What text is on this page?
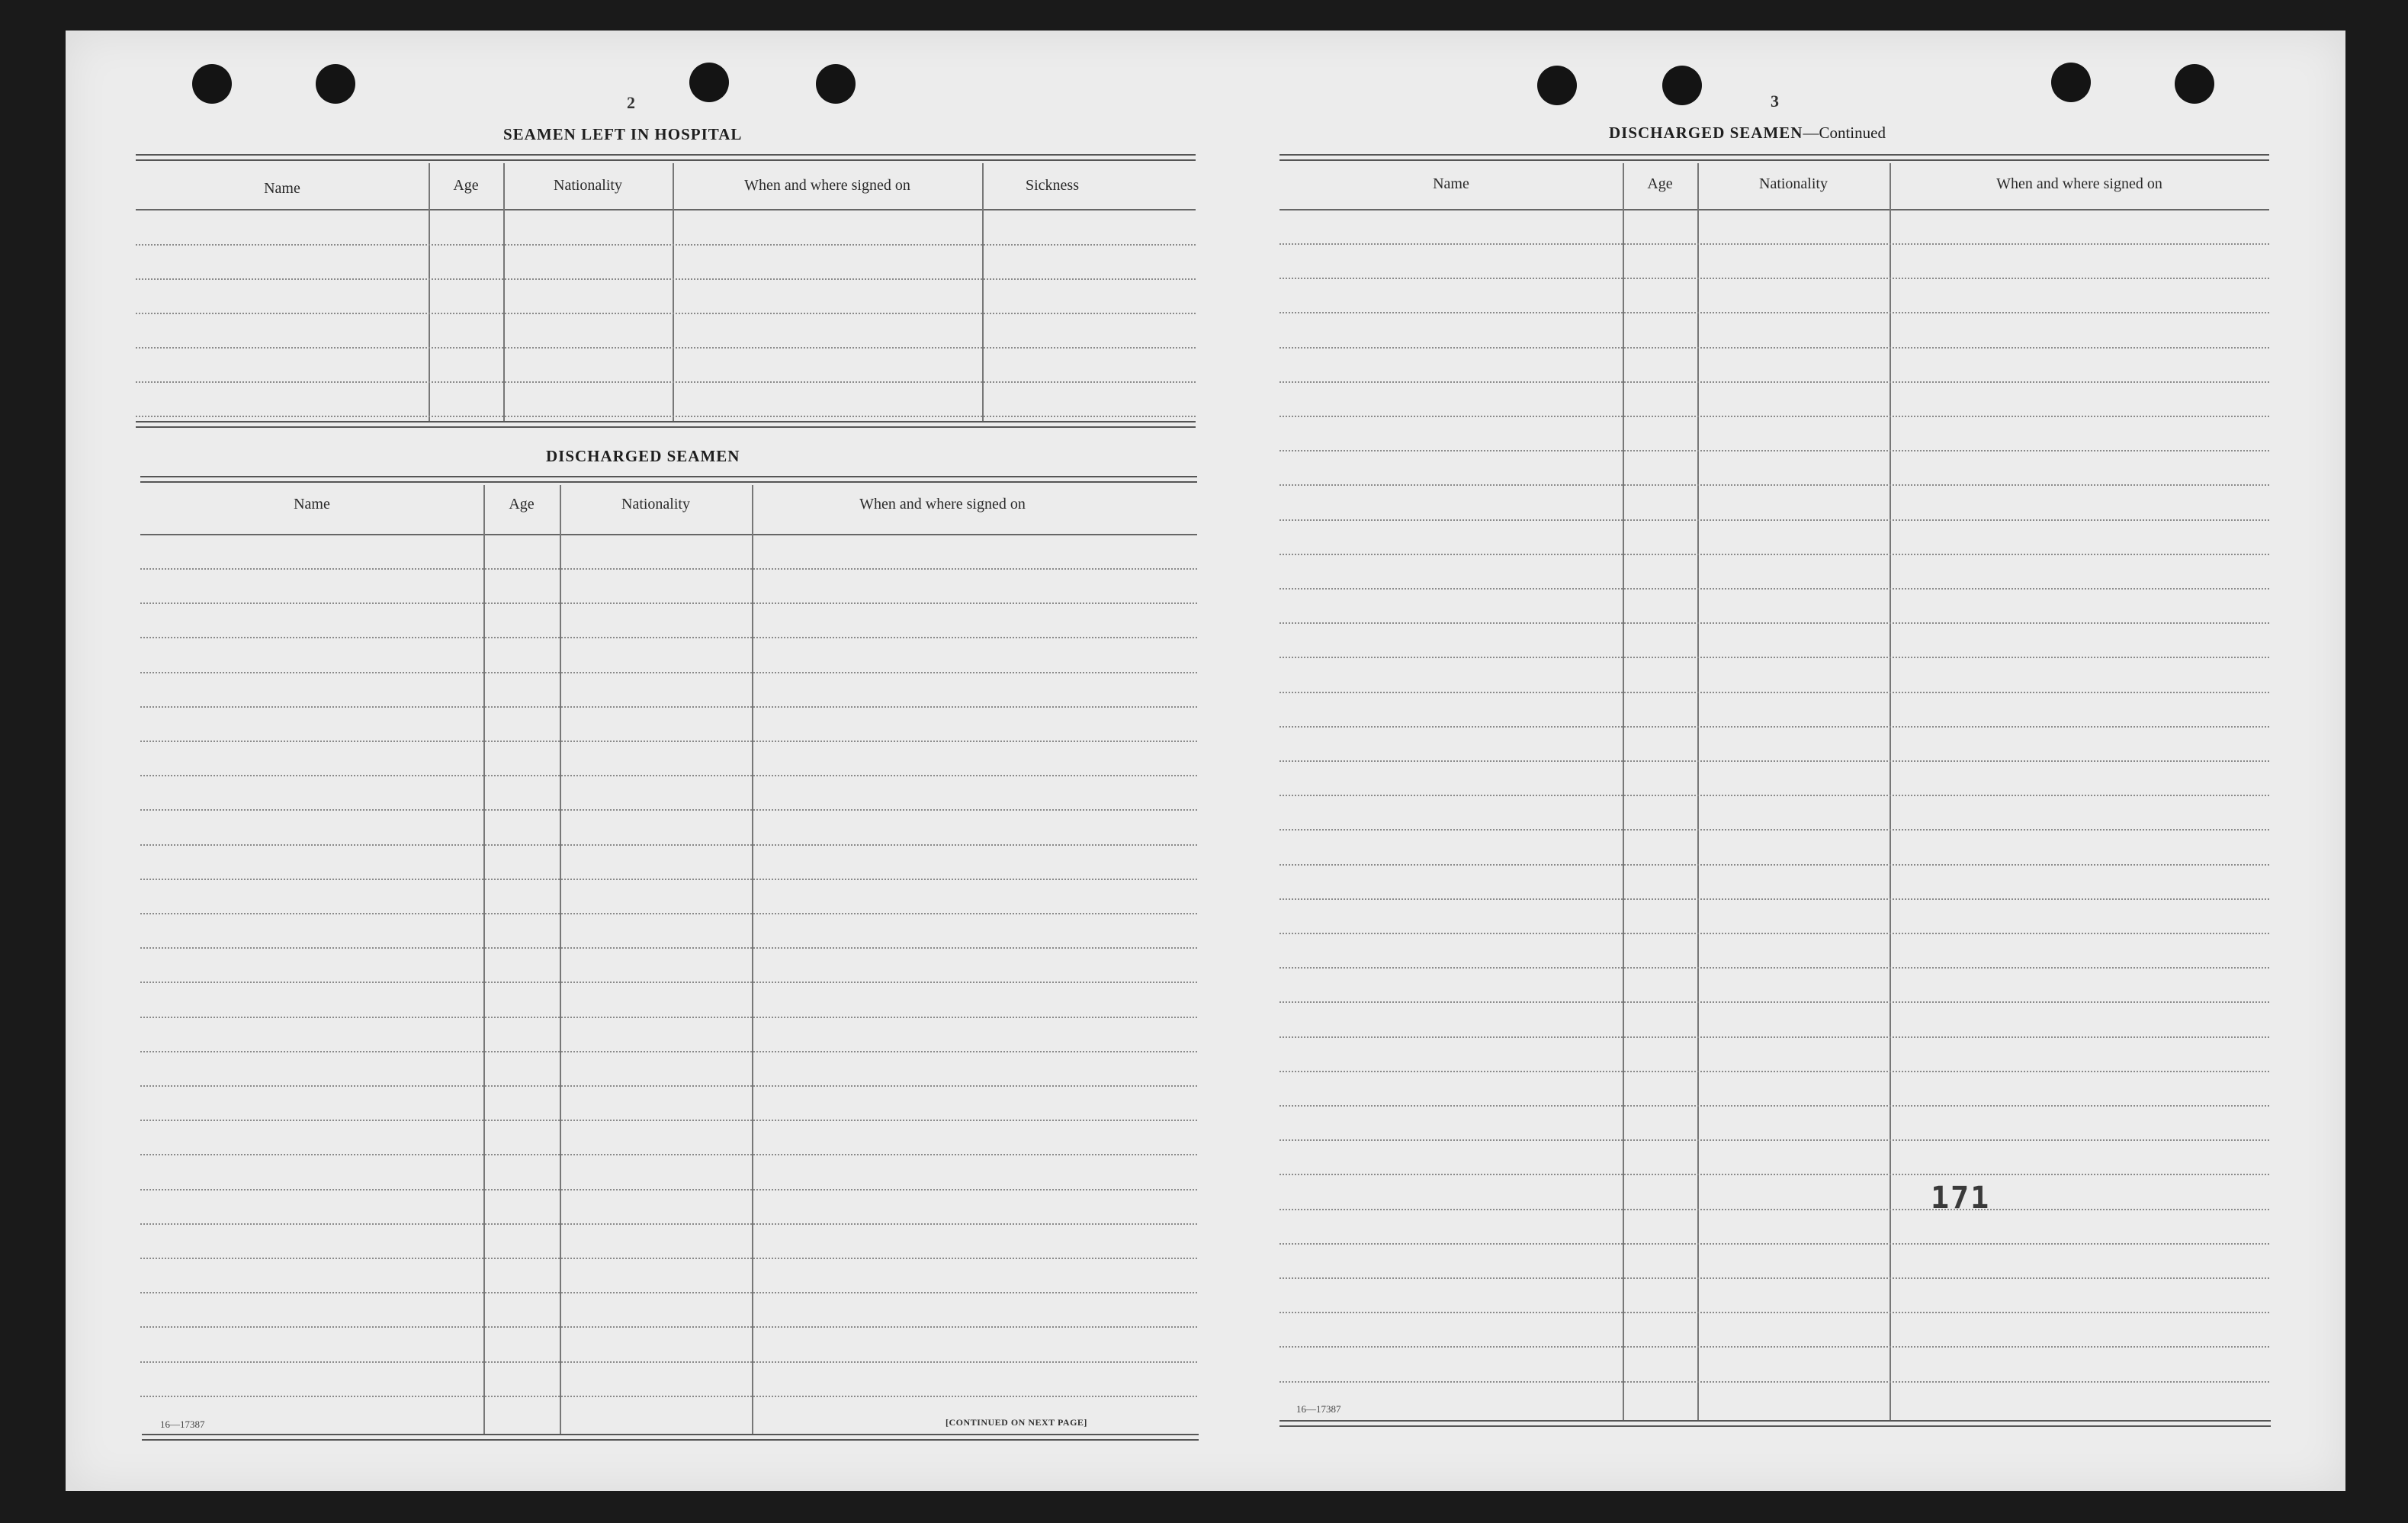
2
SEAMEN LEFT IN HOSPITAL
Name	Age	Nationality	When and where signed on	Sickness
DISCHARGED SEAMEN
Name	Age	Nationality	When and where signed on
16—17387	[CONTINUED ON NEXT PAGE]
3
DISCHARGED SEAMEN—Continued
Name	Age	Nationality	When and where signed on
16—17387
171
